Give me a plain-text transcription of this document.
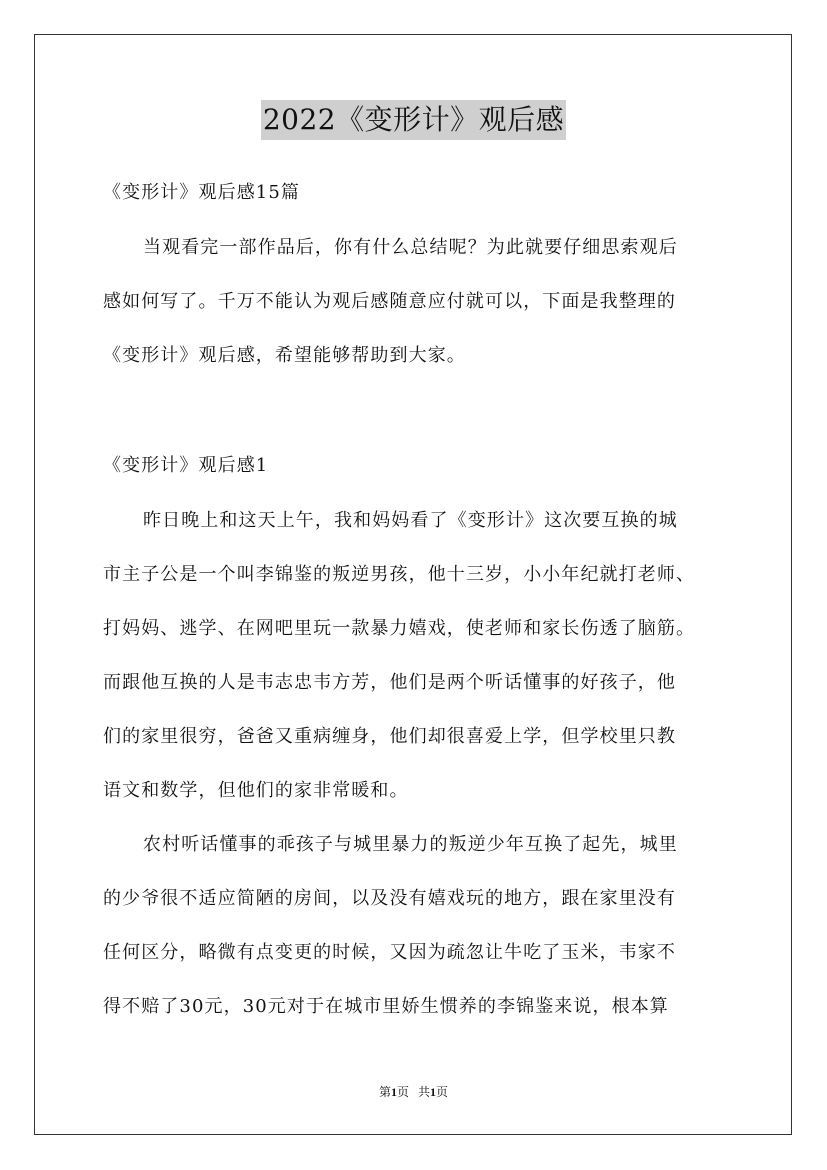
2022《变形计》观后感
《变形计》观后感15篇
当观看完一部作品后，你有什么总结呢？为此就要仔细思索观后
感如何写了。千万不能认为观后感随意应付就可以，下面是我整理的
《变形计》观后感，希望能够帮助到大家。
《变形计》观后感1
昨日晚上和这天上午，我和妈妈看了《变形计》这次要互换的城
市主子公是一个叫李锦鉴的叛逆男孩，他十三岁，小小年纪就打老师、
打妈妈、逃学、在网吧里玩一款暴力嬉戏，使老师和家长伤透了脑筋。
而跟他互换的人是韦志忠韦方芳，他们是两个听话懂事的好孩子，他
们的家里很穷，爸爸又重病缠身，他们却很喜爱上学，但学校里只教
语文和数学，但他们的家非常暖和。
农村听话懂事的乖孩子与城里暴力的叛逆少年互换了起先，城里
的少爷很不适应简陋的房间，以及没有嬉戏玩的地方，跟在家里没有
任何区分，略微有点变更的时候，又因为疏忽让牛吃了玉米，韦家不
得不赔了30元，30元对于在城市里娇生惯养的李锦鉴来说，根本算
第1页   共1页
